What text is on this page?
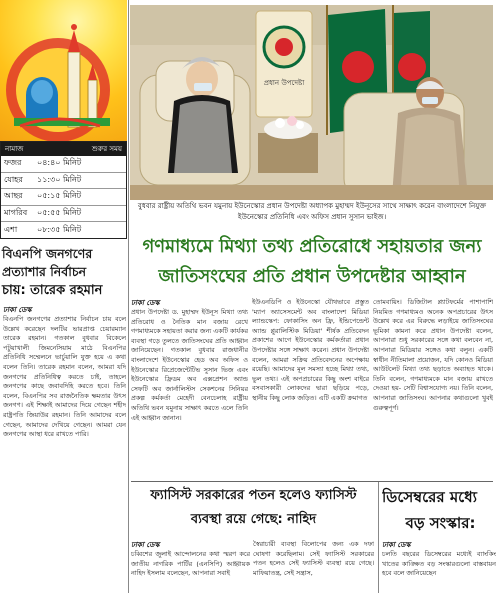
নামাজ	শুরুর সময়
ফজর	০৪:৪০ মিনিট
যোহর	১১:৩০ মিনিট
আছর	০৫:১৫ মিনিট
মাগরিব	০৫:৫৫ মিনিট
এশা	০৮:৩৫ মিনিট
বিএনপি জনগণের
প্রত্যাশার নির্বাচন
চায়: তারেক রহমান
ঢাকা ডেস্ক
বিএনপি জনগণের প্রত্যাশার নির্বাচন চায় বলে উল্লেখ করেছেন দলটির ভারপ্রাপ্ত চেয়ারম্যান তারেক রহমান। গতকাল বুধবার বিকেলে পটুয়াখালী জিমনেসিয়াম মাঠে বিএনপির প্রতিনিধি সম্মেলনে ভার্চুয়ালি যুক্ত হয়ে এ কথা বলেন তিনি। তারেক রহমান বলেন, আমরা যদি জনগণের প্রতিনিধিত্ব করতে চাই, তাহলে জনগণের কাছে জবাবদিহি করতে হবে। তিনি বলেন, বিএনপির সব রাজনৈতিক ক্ষমতার উৎস জনগণ। এই শিক্ষাই আমাদের দিয়ে গেছেন শহীদ রাষ্ট্রপতি জিয়াউর রহমান। তিনি আমাদের বলে গেছেন, আমাদের দেখিয়ে গেছেন। আমরা যেন জনগণের আস্থা ধরে রাখতে পারি।
প্রধান উপদেষ্টা
বুধবার রাষ্ট্রীয় অতিথি ভবন যমুনায় ইউনেস্কোর প্রধান উপদেষ্টা অধ্যাপক মুহাম্মদ ইউনূসের সাথে সাক্ষাৎ করেন বাংলাদেশে নিযুক্ত ইউনেস্কোর প্রতিনিধি এবং অফিস প্রধান সুসান ভাইজ।
গণমাধ্যমে মিথ্যা তথ্য প্রতিরোধে সহায়তার জন্য
জাতিসংঘের প্রতি প্রধান উপদেষ্টার আহ্বান
ঢাকা ডেস্ক
প্রধান উপদেষ্টা ড. মুহাম্মদ ইউনূস মিথ্যা তথ্য প্রতিরোধ ও নৈতিক মান বজায় রেখে গণমাধ্যমকে সহায়তা করার জন্য একটি কার্যকর ব্যবস্থা গড়ে তুলতে জাতিসংঘের প্রতি আহ্বান জানিয়েছেন। গতকাল বুধবার রাজধানীর বাংলাদেশে ইউনেস্কোর হেড অব অফিস ও ইউনেস্কোর রিপ্রেজেন্টেটিভ সুসান ভিজ এবং ইউনেস্কোর ফ্রিডম অব এক্সপ্রেশন অ্যান্ড সেফটি অব জার্নালিস্টস সেকশনের সিনিয়র প্রকল্প কর্মকর্তা মেহেদী বেনচেলাহ রাষ্ট্রীয় অতিথি ভবন যমুনায় সাক্ষাৎ করতে এলে তিনি এই আহ্বান জানান।
ইউএনডিপি ও ইউনেস্কো যৌথভাবে প্রস্তুত 'ম্যাপ অ্যাসেসমেন্ট অব বাংলাদেশ মিডিয়া ল্যান্ডস্কেপ: ফোকাসিং অন ফ্রি, ইন্ডিপেন্ডেন্ট অ্যান্ড প্লুরালিস্টিক মিডিয়া' শীর্ষক প্রতিবেদন প্রকাশের আগে ইউনেস্কোর কর্মকর্তারা প্রধান উপদেষ্টার সঙ্গে সাক্ষাৎ করেন। প্রধান উপদেষ্টা বলেন, আমরা সক্রিয় প্রতিবেদনের অপেক্ষায় রয়েছি। আমাদের মূল সমস্যা হচ্ছে মিথ্যা তথ্য, ভুল তথ্য। এই অপপ্রচারের কিছু অংশ বাইরে বসবাসকারী লোকদের দ্বারা ছড়িয়ে পড়ে, স্থানীয় কিছু লোক জড়িত। এটি একটি ক্রমাগত
তোমবায়িং। ডিজিটাল প্ল্যাটফর্মের পাশাপাশি নিয়মিত গণমাধ্যমও অনেক অপপ্রচারের উৎস উল্লেখ করে এর বিরুদ্ধে লড়াইয়ে জাতিসংঘের ভূমিকা কামনা করে প্রধান উপদেষ্টা বলেন, আপনারা শুধু সরকারের সঙ্গে কথা বলবেন না, আপনারা মিডিয়ার সঙ্গেও কথা বলুন। একটি স্বাধীন নীতিমালা প্রয়োজন, যদি কোনও মিডিয়া আউটলেট মিথ্যা তথ্য ছড়াতে অব্যাহত থাকে। তিনি বলেন, গণমাধ্যমকে মান বজায় রাখতে দেওয়া হয়- সেটি বিশ্বাসযোগ্য নয়। তিনি বলেন, আপনারা জাতিসংঘ। আপনার কথাগুলো খুবই গুরুত্বপূর্ণ।
ফ্যাসিস্ট সরকারের পতন হলেও ফ্যাসিস্ট
ব্যবস্থা রয়ে গেছে: নাহিদ
ঢাকা ডেস্ক
চব্বিশের জুলাই আন্দোলনের কথা স্মরণ করে জাতীয় নাগরিক পার্টির (এনসিপি) আহ্বায়ক নাহিদ ইসলাম বলেছেন, আপনারা সবাই
স্বৈরাচারী ব্যবস্থা বিলোপের জন্য এক দফা ঘোষণা করেছিলাম। সেই ফ্যাসিস্ট সরকারের পতন হলেও সেই ফ্যাসিস্ট ব্যবস্থা রয়ে গেছে। মাফিয়াতন্ত্র, সেই সন্ত্রাস,
ডিসেম্বরের মধ্যে
বড় সংস্কার:
ঢাকা ডেস্ক
চলতি বছরের ডিসেম্বরের মধ্যেই ব্যাংকিং খাতের কাঙ্ক্ষিত বড় সংস্কারগুলো বাস্তবায়ন হবে বলে জানিয়েছেন
